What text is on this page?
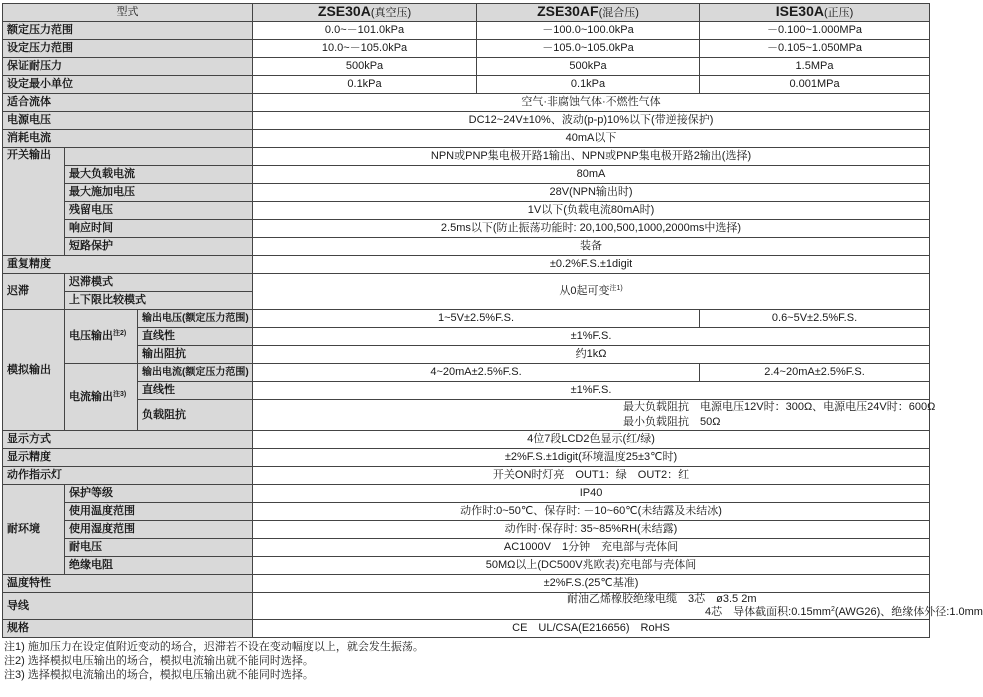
型式			ZSE30A(真空压)	ZSE30AF(混合压)	ISE30A(正压)
额定压力范围			0.0~－101.0kPa	－100.0~100.0kPa	－0.100~1.000MPa
设定压力范围			10.0~－105.0kPa	－105.0~105.0kPa	－0.105~1.050MPa
保证耐压力			500kPa	500kPa	1.5MPa
设定最小单位			0.1kPa	0.1kPa	0.001MPa
适合流体			空气·非腐蚀气体·不燃性气体		
电源电压			DC12~24V±10%、波动(p-p)10%以下(带逆接保护)		
消耗电流			40mA以下		
开关输出			NPN或PNP集电极开路1输出、NPN或PNP集电极开路2输出(选择)		
	最大负载电流		80mA		
	最大施加电压		28V(NPN输出时)		
	残留电压		1V以下(负载电流80mA时)		
	响应时间		2.5ms以下(防止振荡功能时: 20,100,500,1000,2000ms中选择)		
	短路保护		装备		
重复精度			±0.2%F.S.±1digit		
迟滞	迟滞模式		从0起可变$^{注1)}$
	上下限比较模式				
模拟输出	电压输出$^{注2)}$	输出电压(额定压力范围)	1~5V±2.5%F.S.		0.6~5V±2.5%F.S.
		直线性	±1%F.S.		
		输出阻抗	约1kΩ		
	电流输出$^{注3)}$	输出电流(额定压力范围)	4~20mA±2.5%F.S.		2.4~20mA±2.5%F.S.
		直线性	±1%F.S.		
		负载阻抗	最大负载阻抗　电源电压12V时：300Ω、电源电压24V时：600Ω
最小负载阻抗　50Ω		

显示方式			4位7段LCD2色显示(红/绿)		
显示精度			±2%F.S.±1digit(环境温度25±3℃时)		
动作指示灯			开关ON时灯亮　OUT1：绿　OUT2：红		
耐环境	保护等级		IP40		
	使用温度范围		动作时:0~50℃、保存时: －10~60℃(未结露及未结冰)		
	使用湿度范围		动作时·保存时: 35~85%RH(未结露)		
	耐电压		AC1000V　1分钟　充电部与壳体间		
	绝缘电阻		50MΩ以上(DC500V兆欧表)充电部与壳体间		
温度特性			±2%F.S.(25℃基准)		
导线			耐油乙烯橡胶绝缘电缆　3芯　ø3.5 2m
4芯　导体截面积$:0.15mm^2(AWG26)$、绝缘体外径:1.0mm		

规格			CE　UL/CSA(E216656)　RoHS		
注1) 施加压力在设定值附近变动的场合，迟滞若不设在变动幅度以上，就会发生振荡。
注2) 选择模拟电压输出的场合，模拟电流输出就不能同时选择。
注3) 选择模拟电流输出的场合，模拟电压输出就不能同时选择。
